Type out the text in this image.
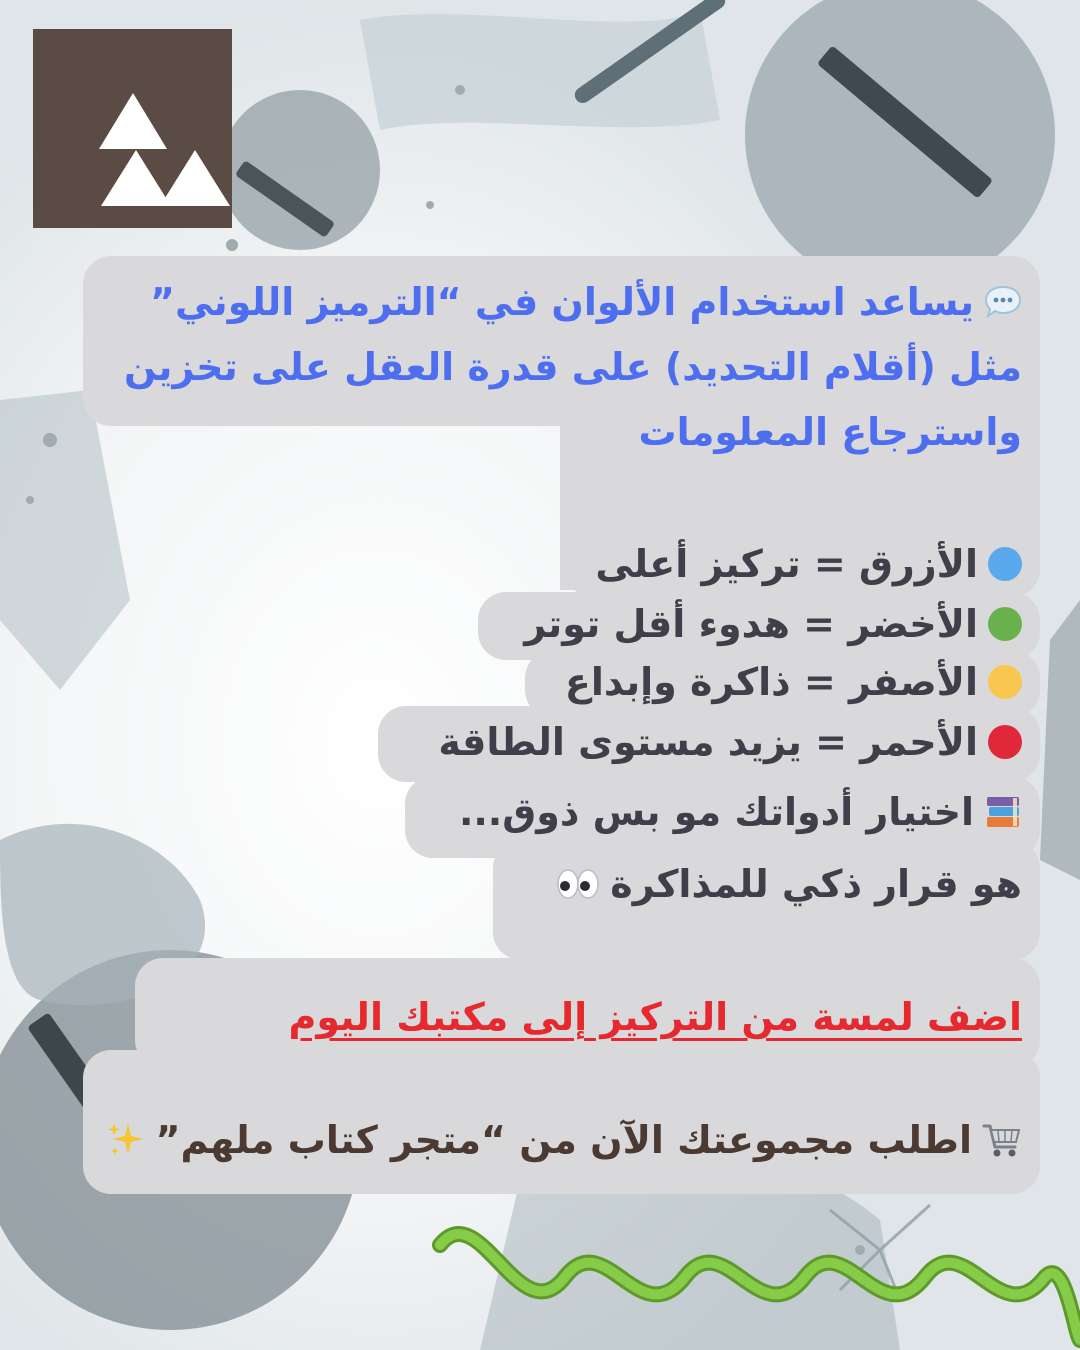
يساعد استخدام الألوان في “الترميز اللوني”
مثل (أقلام التحديد) على قدرة العقل على تخزين
واسترجاع المعلومات
الأزرق = تركيز أعلى
الأخضر = هدوء أقل توتر
الأصفر = ذاكرة وإبداع
الأحمر = يزيد مستوى الطاقة
اختيار أدواتك مو بس ذوق...
هو قرار ذكي للمذاكرة
اضف لمسة من التركيز إلى مكتبك اليوم
اطلب مجموعتك الآن من “متجر كتاب ملهم”
